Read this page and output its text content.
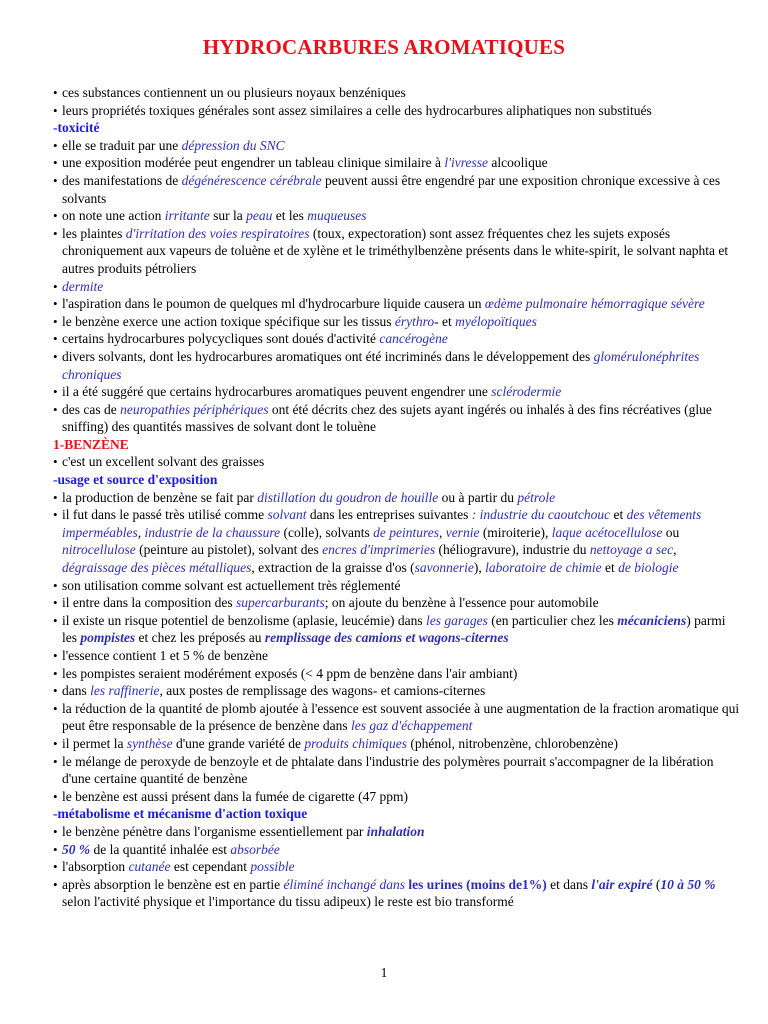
HYDROCARBURES AROMATIQUES

• ces substances contiennent un ou plusieurs noyaux benzéniques

• leurs propriétés toxiques générales sont assez similaires a celle des hydrocarbures aliphatiques non substitués

-toxicité

• elle se traduit par une dépression du SNC

• une exposition modérée peut engendrer un tableau clinique similaire à l'ivresse alcoolique

• des manifestations de dégénérescence cérébrale peuvent aussi être engendré par une exposition chronique excessive à ces solvants

• on note une action irritante sur la peau et les muqueuses

• les plaintes d'irritation des voies respiratoires (toux, expectoration) sont assez fréquentes chez les sujets exposés chroniquement aux vapeurs de toluène et de xylène et le triméthylbenzène présents dans le white-spirit, le solvant naphta et autres produits pétroliers

• dermite

• l'aspiration dans le poumon de quelques ml d'hydrocarbure liquide causera un œdème pulmonaire hémorragique sévère

• le benzène exerce une action toxique spécifique sur les tissus érythro- et myélopoïtiques

• certains hydrocarbures polycycliques sont doués d'activité cancérogène

• divers solvants, dont les hydrocarbures aromatiques ont été incriminés dans le développement des glomérulonéphrites chroniques

• il a été suggéré que certains hydrocarbures aromatiques peuvent engendrer une sclérodermie

• des cas de neuropathies périphériques ont été décrits chez des sujets ayant ingérés ou inhalés à des fins récréatives (glue sniffing) des quantités massives de solvant dont le toluène

1-BENZÈNE

• c'est un excellent solvant des graisses

-usage et source d'exposition

• la production de benzène se fait par distillation du goudron de houille ou à partir du pétrole

• il fut dans le passé très utilisé comme solvant dans les entreprises suivantes : industrie du caoutchouc et des vêtements imperméables, industrie de la chaussure (colle), solvants de peintures, vernie (miroiterie), laque acétocellulose ou nitrocellulose (peinture au pistolet), solvant des encres d'imprimeries (héliogravure), industrie du nettoyage a sec, dégraissage des pièces métalliques, extraction de la graisse d'os (savonnerie), laboratoire de chimie et de biologie

• son utilisation comme solvant est actuellement très réglementé

• il entre dans la composition des supercarburants; on ajoute du benzène à l'essence pour automobile

• il existe un risque potentiel de benzolisme (aplasie, leucémie) dans les garages (en particulier chez les mécaniciens) parmi les pompistes et chez les préposés au remplissage des camions et wagons-citernes

• l'essence contient 1 et 5 % de benzène

• les pompistes seraient modérément exposés (< 4 ppm de benzène dans l'air ambiant)

• dans les raffinerie, aux postes de remplissage des wagons- et camions-citernes

• la réduction de la quantité de plomb ajoutée à l'essence est souvent associée à une augmentation de la fraction aromatique qui peut être responsable de la présence de benzène dans les gaz d'échappement

• il permet la synthèse d'une grande variété de produits chimiques (phénol, nitrobenzène, chlorobenzène)

• le mélange de peroxyde de benzoyle et de phtalate dans l'industrie des polymères pourrait s'accompagner de la libération d'une certaine quantité de benzène

• le benzène est aussi présent dans la fumée de cigarette (47 ppm)

-métabolisme et mécanisme d'action toxique

• le benzène pénètre dans l'organisme essentiellement par inhalation

• 50 % de la quantité inhalée est absorbée

• l'absorption cutanée est cependant possible

• après absorption le benzène est en partie éliminé inchangé dans les urines (moins de1%) et dans l'air expiré (10 à 50 % selon l'activité physique et l'importance du tissu adipeux) le reste est bio transformé

1
